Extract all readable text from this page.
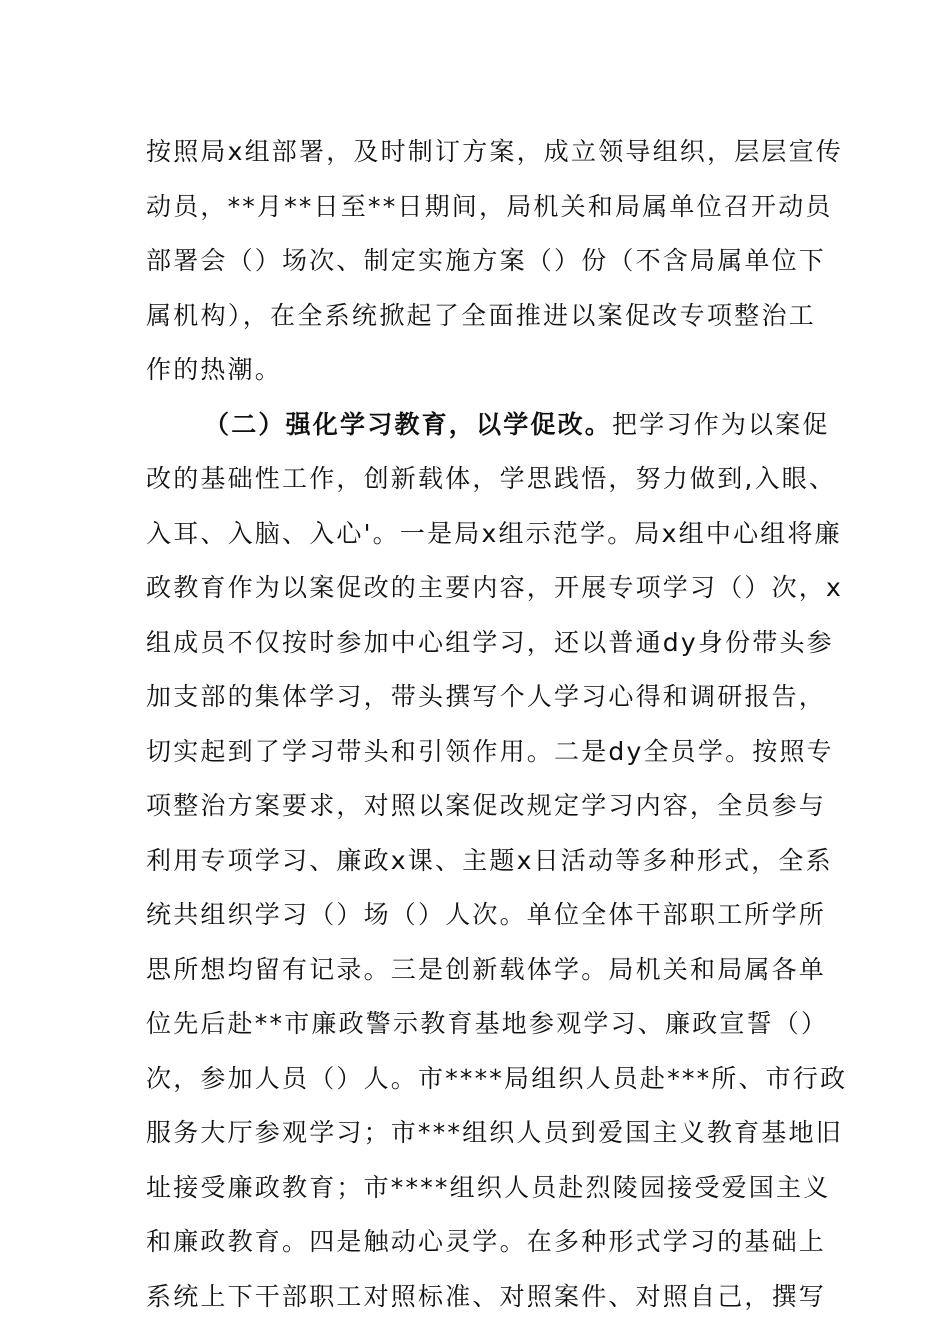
按照局x组部署，及时制订方案，成立领导组织，层层宣传
动员，**月**日至**日期间，局机关和局属单位召开动员
部署会（）场次、制定实施方案（）份（不含局属单位下
属机构），在全系统掀起了全面推进以案促改专项整治工
作的热潮。
（二）强化学习教育，以学促改。把学习作为以案促
改的基础性工作，创新载体，学思践悟，努力做到,入眼、
入耳、入脑、入心'。一是局x组示范学。局x组中心组将廉
政教育作为以案促改的主要内容，开展专项学习（）次，x
组成员不仅按时参加中心组学习，还以普通dy身份带头参
加支部的集体学习，带头撰写个人学习心得和调研报告，
切实起到了学习带头和引领作用。二是dy全员学。按照专
项整治方案要求，对照以案促改规定学习内容，全员参与
利用专项学习、廉政x课、主题x日活动等多种形式，全系
统共组织学习（）场（）人次。单位全体干部职工所学所
思所想均留有记录。三是创新载体学。局机关和局属各单
位先后赴**市廉政警示教育基地参观学习、廉政宣誓（）
次，参加人员（）人。市****局组织人员赴***所、市行政
服务大厅参观学习；市***组织人员到爱国主义教育基地旧
址接受廉政教育；市****组织人员赴烈陵园接受爱国主义
和廉政教育。四是触动心灵学。在多种形式学习的基础上
系统上下干部职工对照标准、对照案件、对照自己，撰写
